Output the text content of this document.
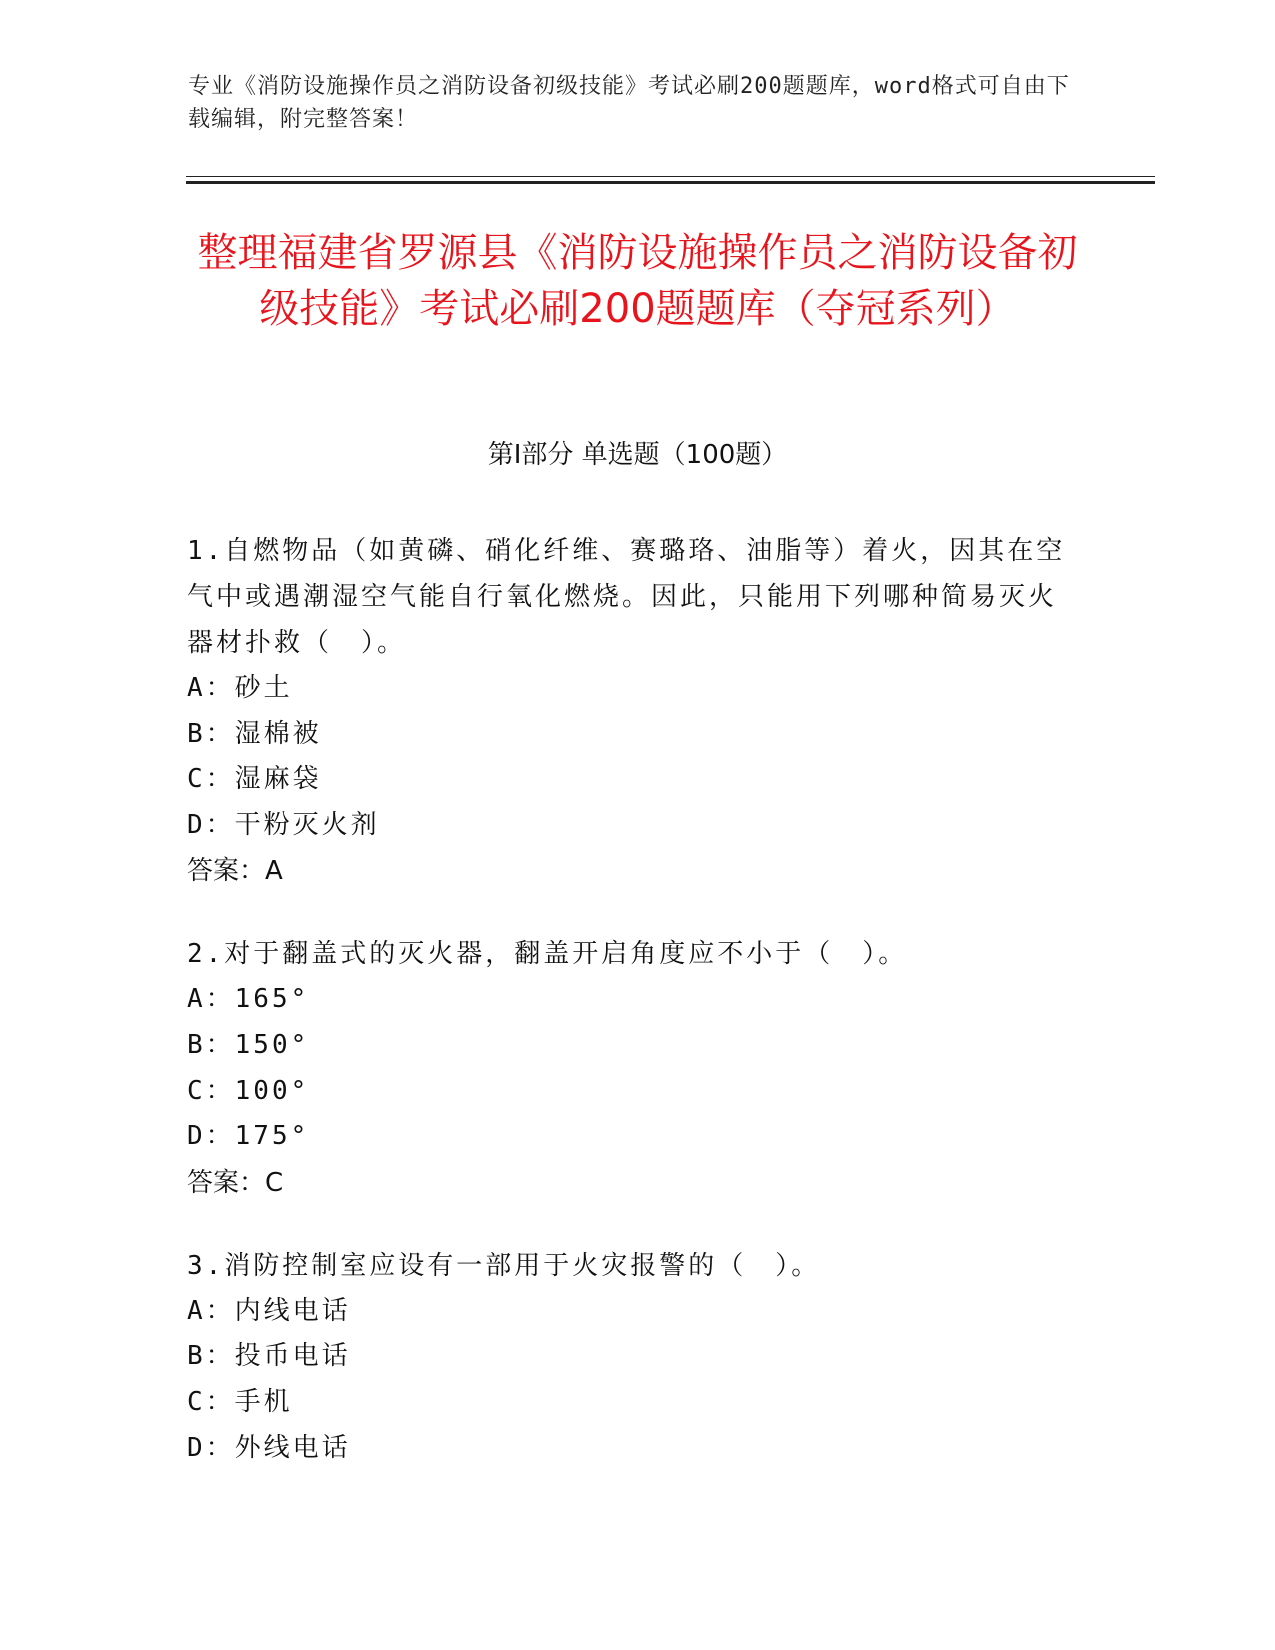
专业《消防设施操作员之消防设备初级技能》考试必刷200题题库，word格式可自由下载编辑，附完整答案！
整理福建省罗源县《消防设施操作员之消防设备初级技能》考试必刷200题题库（夺冠系列）
第Ⅰ部分 单选题（100题）
1.自燃物品（如黄磷、硝化纤维、赛璐珞、油脂等）着火，因其在空气中或遇潮湿空气能自行氧化燃烧。因此，只能用下列哪种简易灭火器材扑救（　）。
A：砂土
B：湿棉被
C：湿麻袋
D：干粉灭火剂
答案：A
2.对于翻盖式的灭火器，翻盖开启角度应不小于（　）。
A：165°
B：150°
C：100°
D：175°
答案：C
3.消防控制室应设有一部用于火灾报警的（　）。
A：内线电话
B：投币电话
C：手机
D：外线电话
